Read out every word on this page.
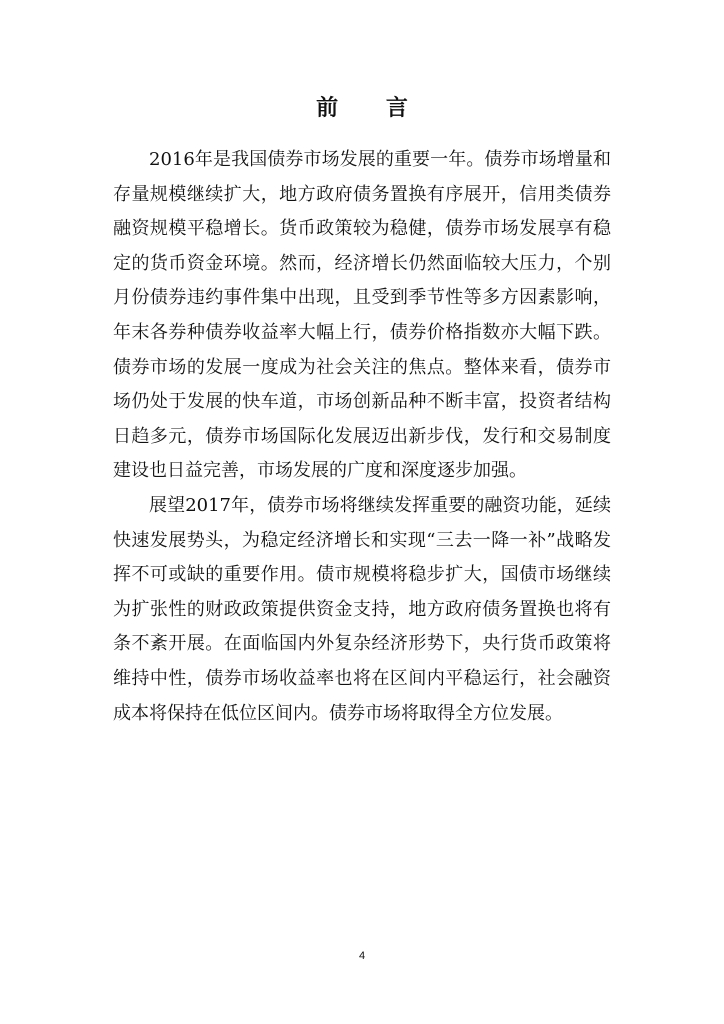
前 言

2016年是我国债券市场发展的重要一年。债券市场增量和存量规模继续扩大，地方政府债务置换有序展开，信用类债券融资规模平稳增长。货币政策较为稳健，债券市场发展享有稳定的货币资金环境。然而，经济增长仍然面临较大压力，个别月份债券违约事件集中出现，且受到季节性等多方因素影响，年末各券种债券收益率大幅上行，债券价格指数亦大幅下跌。债券市场的发展一度成为社会关注的焦点。整体来看，债券市场仍处于发展的快车道，市场创新品种不断丰富，投资者结构日趋多元，债券市场国际化发展迈出新步伐，发行和交易制度建设也日益完善，市场发展的广度和深度逐步加强。

展望2017年，债券市场将继续发挥重要的融资功能，延续快速发展势头，为稳定经济增长和实现“三去一降一补”战略发挥不可或缺的重要作用。债市规模将稳步扩大，国债市场继续为扩张性的财政政策提供资金支持，地方政府债务置换也将有条不紊开展。在面临国内外复杂经济形势下，央行货币政策将维持中性，债券市场收益率也将在区间内平稳运行，社会融资成本将保持在低位区间内。债券市场将取得全方位发展。

4
